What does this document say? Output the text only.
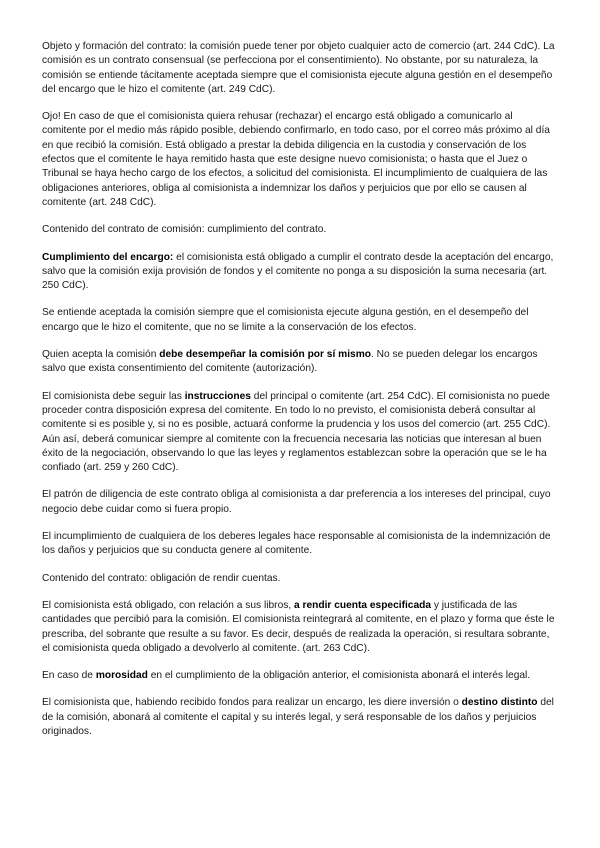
Objeto y formación del contrato: la comisión puede tener por objeto cualquier acto de comercio (art. 244 CdC). La comisión es un contrato consensual (se perfecciona por el consentimiento). No obstante, por su naturaleza, la comisión se entiende tácitamente aceptada siempre que el comisionista ejecute alguna gestión en el desempeño del encargo que le hizo el comitente (art. 249 CdC).

Ojo! En caso de que el comisionista quiera rehusar (rechazar) el encargo está obligado a comunicarlo al comitente por el medio más rápido posible, debiendo confirmarlo, en todo caso, por el correo más próximo al día en que recibió la comisión. Está obligado a prestar la debida diligencia en la custodia y conservación de los efectos que el comitente le haya remitido hasta que este designe nuevo comisionista; o hasta que el Juez o Tribunal se haya hecho cargo de los efectos, a solicitud del comisionista. El incumplimiento de cualquiera de las obligaciones anteriores, obliga al comisionista a indemnizar los daños y perjuicios que por ello se causen al comitente (art. 248 CdC).

Contenido del contrato de comisión: cumplimiento del contrato.

Cumplimiento del encargo: el comisionista está obligado a cumplir el contrato desde la aceptación del encargo, salvo que la comisión exija provisión de fondos y el comitente no ponga a su disposición la suma necesaria (art. 250 CdC).

Se entiende aceptada la comisión siempre que el comisionista ejecute alguna gestión, en el desempeño del encargo que le hizo el comitente, que no se limite a la conservación de los efectos.

Quien acepta la comisión debe desempeñar la comisión por sí mismo. No se pueden delegar los encargos salvo que exista consentimiento del comitente (autorización).

El comisionista debe seguir las instrucciones del principal o comitente (art. 254 CdC). El comisionista no puede proceder contra disposición expresa del comitente. En todo lo no previsto, el comisionista deberá consultar al comitente si es posible y, si no es posible, actuará conforme la prudencia y los usos del comercio (art. 255 CdC). Aún así, deberá comunicar siempre al comitente con la frecuencia necesaria las noticias que interesan al buen éxito de la negociación, observando lo que las leyes y reglamentos establezcan sobre la operación que se le ha confiado (art. 259 y 260 CdC).

El patrón de diligencia de este contrato obliga al comisionista a dar preferencia a los intereses del principal, cuyo negocio debe cuidar como si fuera propio.

El incumplimiento de cualquiera de los deberes legales hace responsable al comisionista de la indemnización de los daños y perjuicios que su conducta genere al comitente.

Contenido del contrato: obligación de rendir cuentas.

El comisionista está obligado, con relación a sus libros, a rendir cuenta especificada y justificada de las cantidades que percibió para la comisión. El comisionista reintegrará al comitente, en el plazo y forma que éste le prescriba, del sobrante que resulte a su favor. Es decir, después de realizada la operación, si resultara sobrante, el comisionista queda obligado a devolverlo al comitente. (art. 263 CdC).

En caso de morosidad en el cumplimiento de la obligación anterior, el comisionista abonará el interés legal.

El comisionista que, habiendo recibido fondos para realizar un encargo, les diere inversión o destino distinto del de la comisión, abonará al comitente el capital y su interés legal, y será responsable de los daños y perjuicios originados.
